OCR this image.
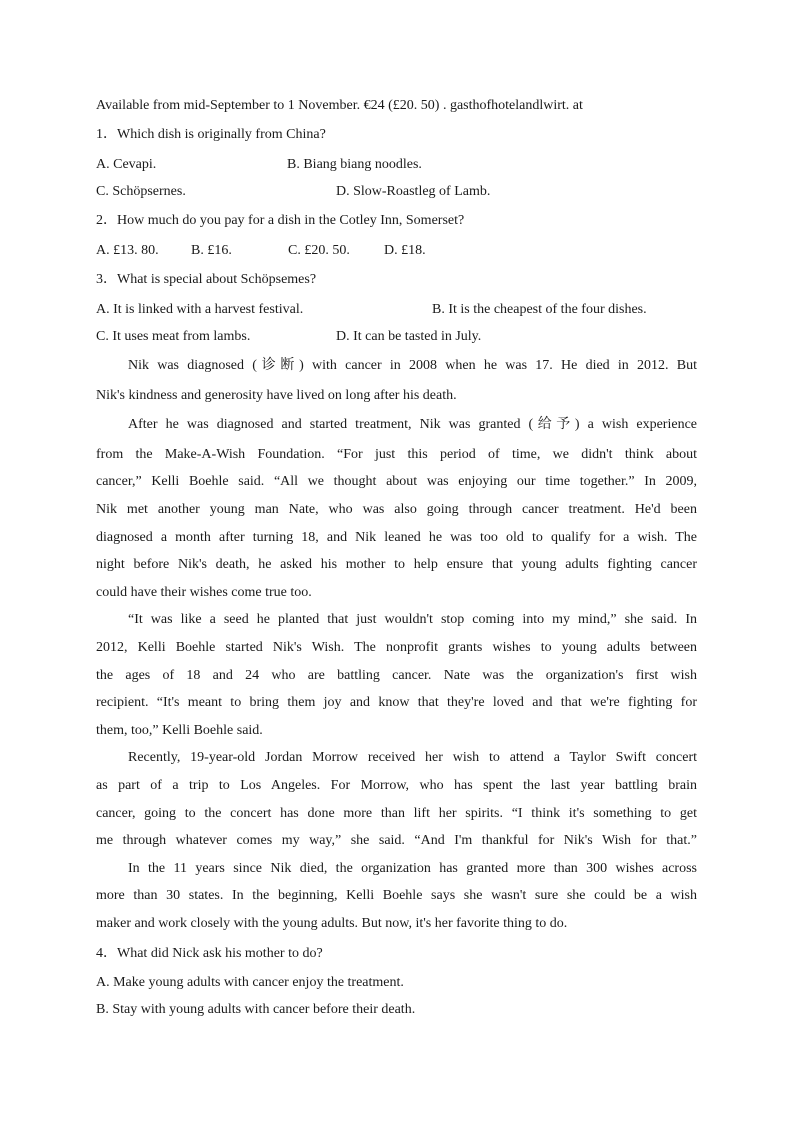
Available from mid-September to 1 November. €24 (£20. 50) . gasthofhotelandlwirt. at
1．Which dish is originally from China?
A. Cevapi.	B. Biang biang noodles.
C. Schöpsernes.	D. Slow-Roastleg of Lamb.
2．How much do you pay for a dish in the Cotley Inn, Somerset?
A. £13. 80. B. £16.	C. £20. 50. D. £18.
3．What is special about Schöpsemes?
A. It is linked with a harvest festival.	B. It is the cheapest of the four dishes.
C. It uses meat from lambs.	D. It can be tasted in July.
Nik was diagnosed (诊断) with cancer in 2008 when he was 17. He died in 2012. But
Nik's kindness and generosity have lived on long after his death.
After he was diagnosed and started treatment, Nik was granted (给予) a wish experience
from the Make-A-Wish Foundation. “For just this period of time, we didn't think about
cancer,” Kelli Boehle said. “All we thought about was enjoying our time together.” In 2009,
Nik met another young man Nate, who was also going through cancer treatment. He'd been
diagnosed a month after turning 18, and Nik leaned he was too old to qualify for a wish. The
night before Nik's death, he asked his mother to help ensure that young adults fighting cancer
could have their wishes come true too.
“It was like a seed he planted that just wouldn't stop coming into my mind,” she said. In
2012, Kelli Boehle started Nik's Wish. The nonprofit grants wishes to young adults between
the ages of 18 and 24 who are battling cancer. Nate was the organization's first wish
recipient. “It's meant to bring them joy and know that they're loved and that we're fighting for
them, too,” Kelli Boehle said.
Recently, 19-year-old Jordan Morrow received her wish to attend a Taylor Swift concert
as part of a trip to Los Angeles. For Morrow, who has spent the last year battling brain
cancer, going to the concert has done more than lift her spirits. “I think it's something to get
me through whatever comes my way,” she said. “And I'm thankful for Nik's Wish for that.”
In the 11 years since Nik died, the organization has granted more than 300 wishes across
more than 30 states. In the beginning, Kelli Boehle says she wasn't sure she could be a wish
maker and work closely with the young adults. But now, it's her favorite thing to do.
4．What did Nick ask his mother to do?
A. Make young adults with cancer enjoy the treatment.
B. Stay with young adults with cancer before their death.
